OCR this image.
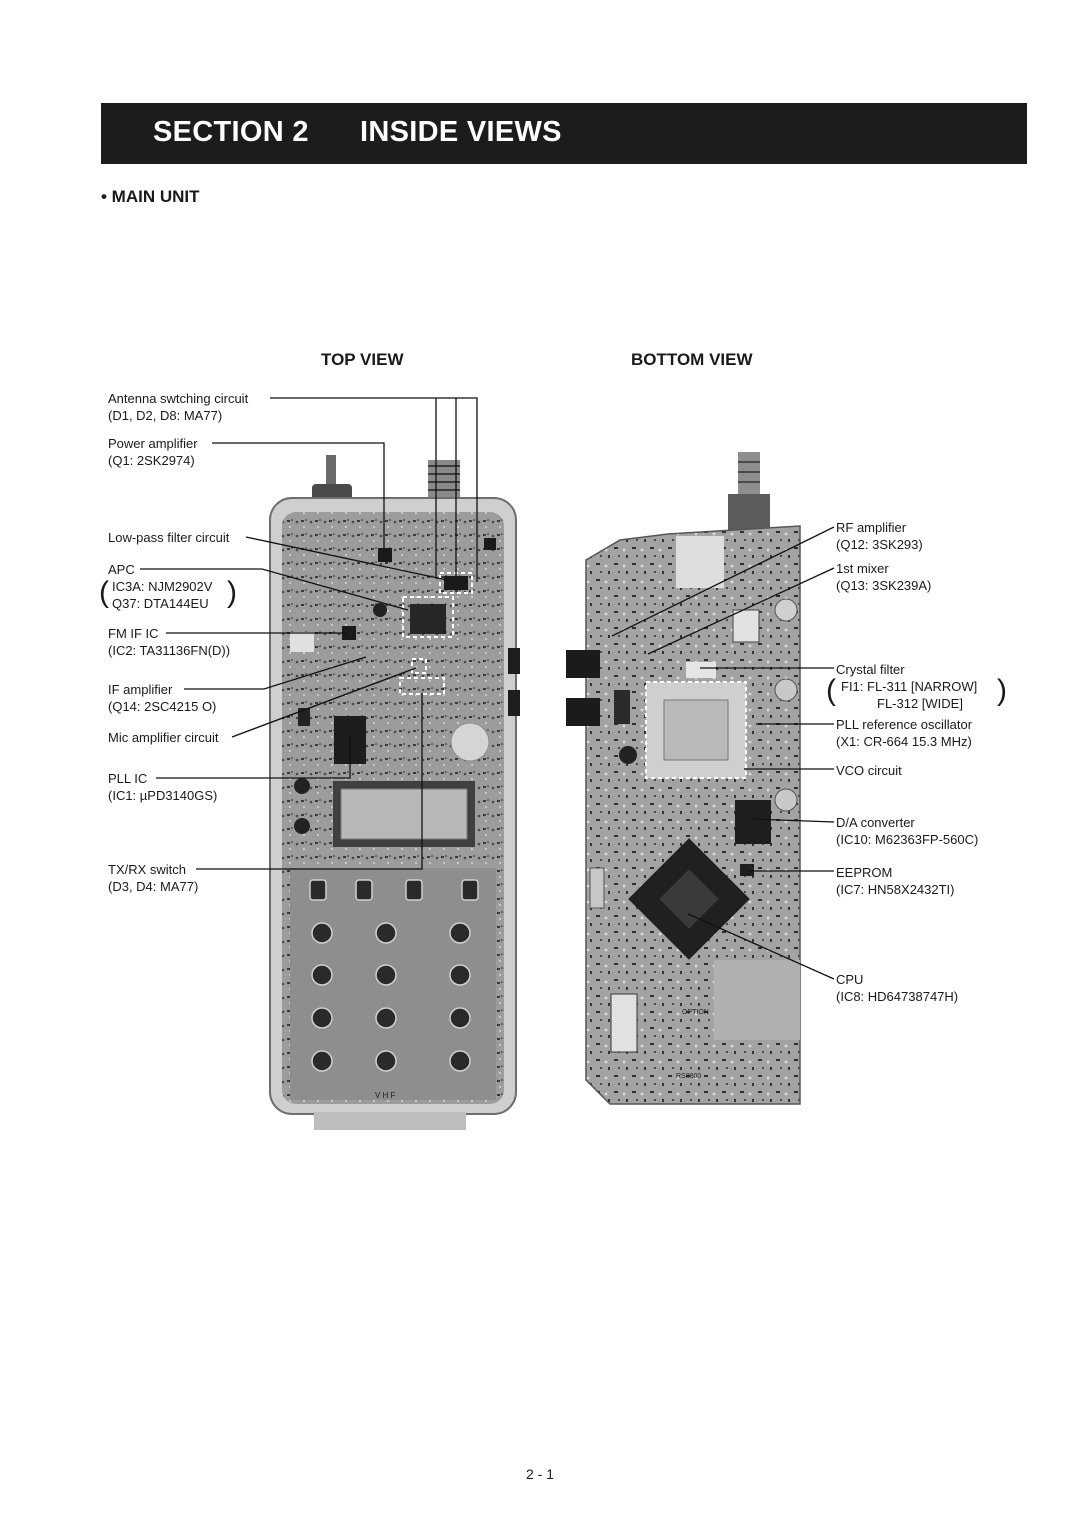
SECTION 2 INSIDE VIEWS
• MAIN UNIT
TOP VIEW	BOTTOM VIEW
V H F
OPTION
RS8800
Antenna swtching circuit
(D1, D2, D8: MA77)
Power amplifier
(Q1: 2SK2974)
Low-pass filter circuit
APC
IC3A: NJM2902V
Q37: DTA144EU
(	)
FM IF IC
(IC2: TA31136FN(D))
IF amplifier
(Q14: 2SC4215 O)
Mic amplifier circuit
PLL IC
(IC1: µPD3140GS)
TX/RX switch
(D3, D4: MA77)
RF amplifier
(Q12: 3SK293)
1st mixer
(Q13: 3SK239A)
Crystal filter
FI1: FL-311 [NARROW]
FL-312 [WIDE]
(	)
PLL reference oscillator
(X1: CR-664 15.3 MHz)
VCO circuit
D/A converter
(IC10: M62363FP-560C)
EEPROM
(IC7: HN58X2432TI)
CPU
(IC8: HD64738747H)
2 - 1
